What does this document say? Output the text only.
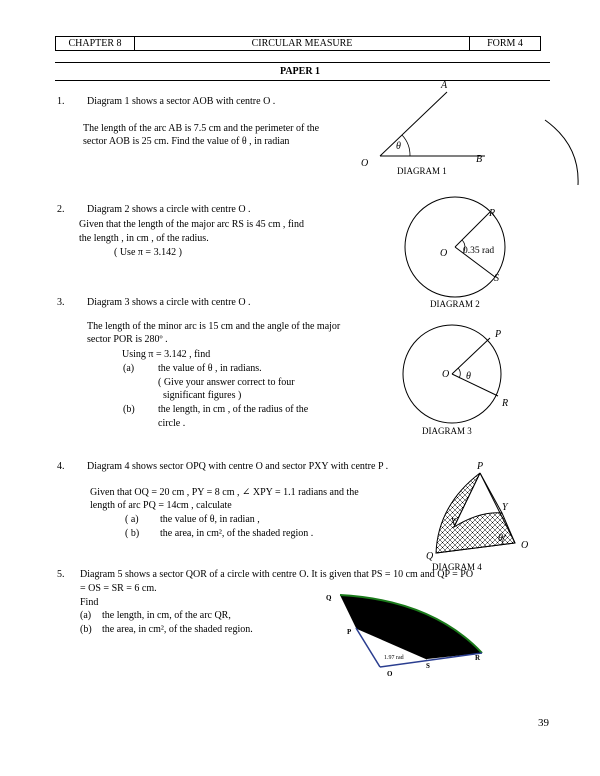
CHAPTER 8	CIRCULAR MEASURE	FORM 4
PAPER 1
1. Diagram 1 shows a sector AOB with centre O .
The length of the arc AB is 7.5 cm and the perimeter of the
sector AOB is 25 cm. Find the value of θ , in radian
2. Diagram 2 shows a circle with centre O .
Given that the length of the major arc RS is 45 cm , find
the length , in cm , of the radius.
( Use π = 3.142 )
3. Diagram 3 shows a circle with centre O .
The length of the minor arc is 15 cm and the angle of the major
sector POR is 280º .
Using π = 3.142 , find
(a) the value of θ , in radians.
( Give your answer correct to four
significant figures )
(b) the length, in cm , of the radius of the
circle .
4. Diagram 4 shows sector OPQ with centre O and sector PXY with centre P .
Given that OQ = 20 cm , PY = 8 cm , ∠ XPY = 1.1 radians and the
length of arc PQ = 14cm , calculate
( a) the value of θ, in radian ,
( b) the area, in cm², of the shaded region .
5. Diagram 5 shows a sector QOR of a circle with centre O. It is given that PS = 10 cm and QP = PO
= OS = SR = 6 cm.
Find
(a) the length, in cm, of the arc QR,
(b) the area, in cm², of the shaded region.
A
O	B
θ
DIAGRAM 1
O
R
S
0.35 rad
DIAGRAM 2
O
P
R
θ
DIAGRAM 3
P
Y
X
Q
O
θ
DIAGRAM 4
Q
P
S
R
O
1.97 rad
39
